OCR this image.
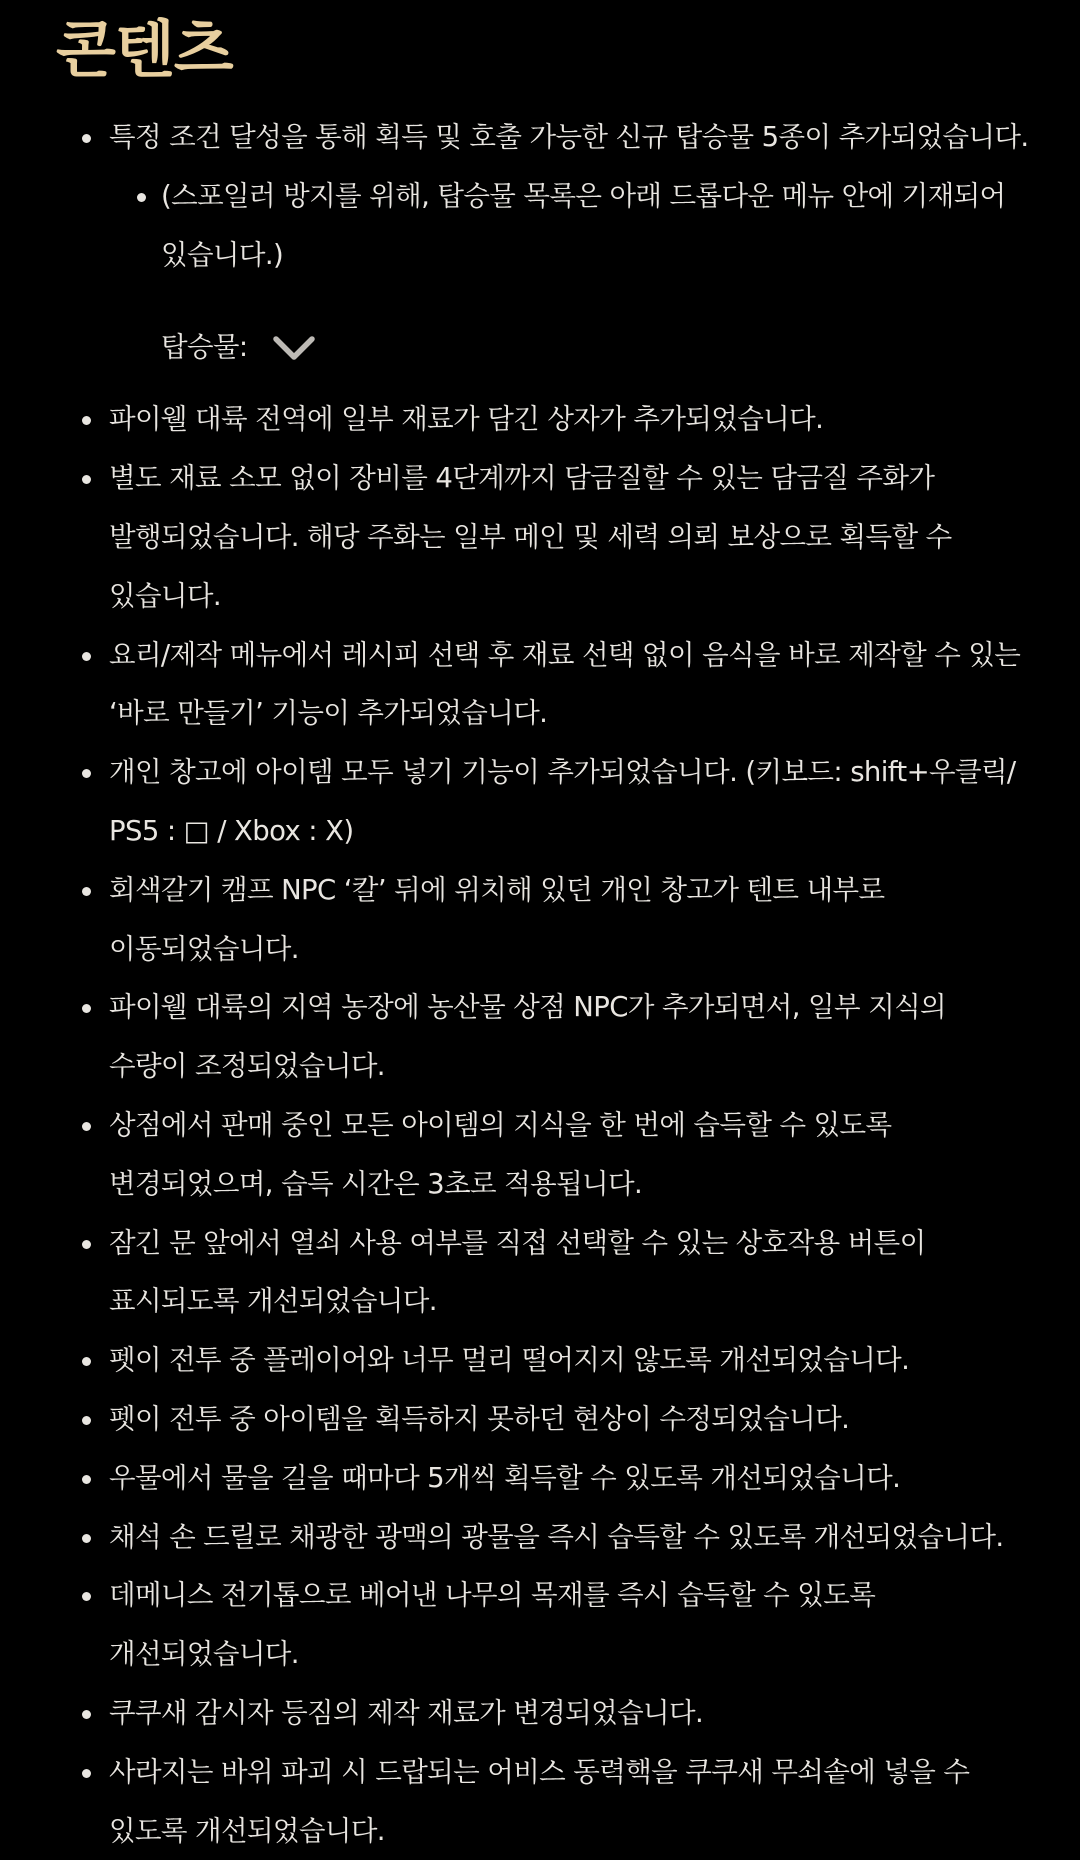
콘텐츠
특정 조건 달성을 통해 획득 및 호출 가능한 신규 탑승물 5종이 추가되었습니다.
(스포일러 방지를 위해, 탑승물 목록은 아래 드롭다운 메뉴 안에 기재되어
있습니다.)
탑승물:
파이웰 대륙 전역에 일부 재료가 담긴 상자가 추가되었습니다.
별도 재료 소모 없이 장비를 4단계까지 담금질할 수 있는 담금질 주화가
발행되었습니다. 해당 주화는 일부 메인 및 세력 의뢰 보상으로 획득할 수
있습니다.
요리/제작 메뉴에서 레시피 선택 후 재료 선택 없이 음식을 바로 제작할 수 있는
‘바로 만들기’ 기능이 추가되었습니다.
개인 창고에 아이템 모두 넣기 기능이 추가되었습니다. (키보드: shift+우클릭/
PS5 : □ / Xbox : X)
회색갈기 캠프 NPC ‘칼’ 뒤에 위치해 있던 개인 창고가 텐트 내부로
이동되었습니다.
파이웰 대륙의 지역 농장에 농산물 상점 NPC가 추가되면서, 일부 지식의
수량이 조정되었습니다.
상점에서 판매 중인 모든 아이템의 지식을 한 번에 습득할 수 있도록
변경되었으며, 습득 시간은 3초로 적용됩니다.
잠긴 문 앞에서 열쇠 사용 여부를 직접 선택할 수 있는 상호작용 버튼이
표시되도록 개선되었습니다.
펫이 전투 중 플레이어와 너무 멀리 떨어지지 않도록 개선되었습니다.
펫이 전투 중 아이템을 획득하지 못하던 현상이 수정되었습니다.
우물에서 물을 길을 때마다 5개씩 획득할 수 있도록 개선되었습니다.
채석 손 드릴로 채광한 광맥의 광물을 즉시 습득할 수 있도록 개선되었습니다.
데메니스 전기톱으로 베어낸 나무의 목재를 즉시 습득할 수 있도록
개선되었습니다.
쿠쿠새 감시자 등짐의 제작 재료가 변경되었습니다.
사라지는 바위 파괴 시 드랍되는 어비스 동력핵을 쿠쿠새 무쇠솥에 넣을 수
있도록 개선되었습니다.
